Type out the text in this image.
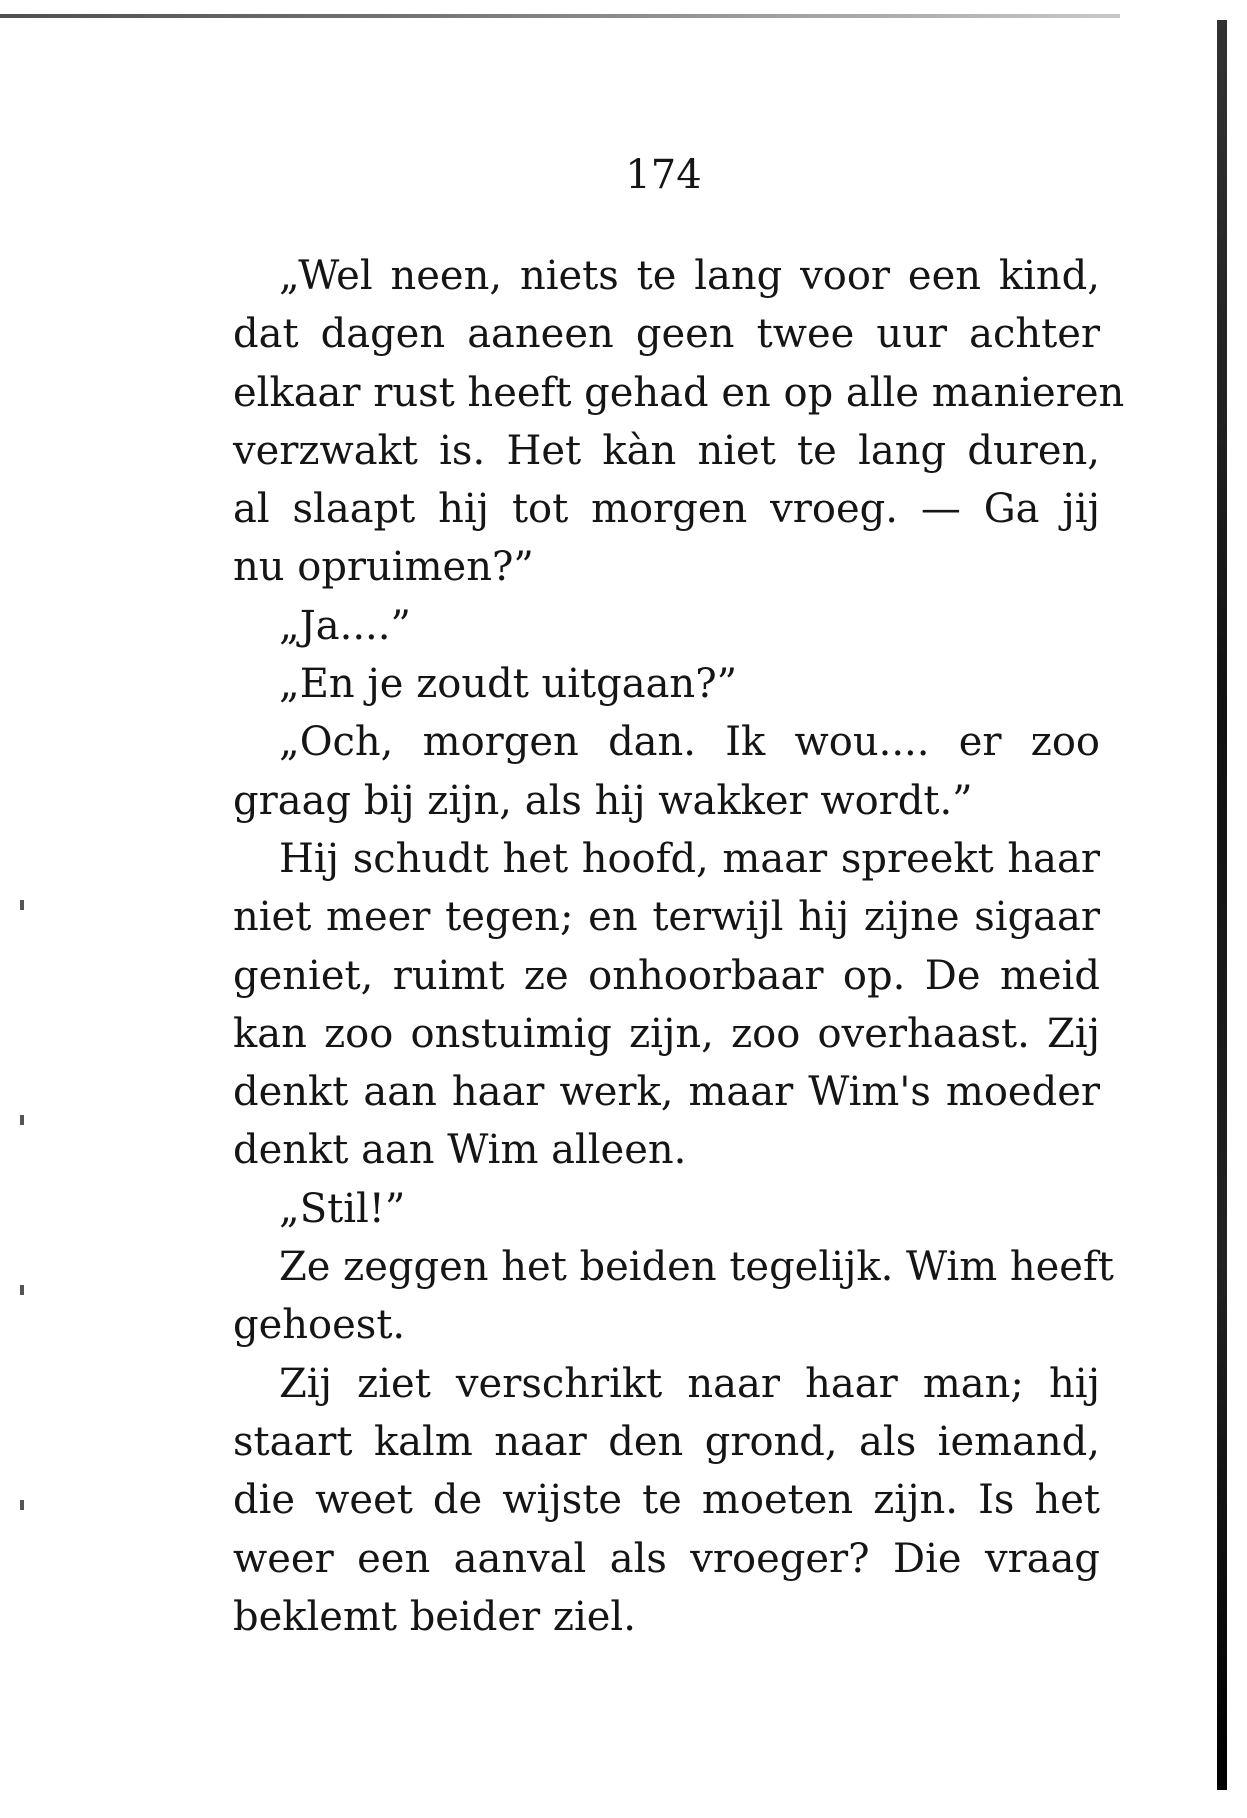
174
„Wel neen, niets te lang voor een kind,
dat dagen aaneen geen twee uur achter
elkaar rust heeft gehad en op alle manieren
verzwakt is. Het kàn niet te lang duren,
al slaapt hij tot morgen vroeg. — Ga jij
nu opruimen?”
„Ja....”
„En je zoudt uitgaan?”
„Och, morgen dan. Ik wou.... er zoo
graag bij zijn, als hij wakker wordt.”
Hij schudt het hoofd, maar spreekt haar
niet meer tegen; en terwijl hij zijne sigaar
geniet, ruimt ze onhoorbaar op. De meid
kan zoo onstuimig zijn, zoo overhaast. Zij
denkt aan haar werk, maar Wim's moeder
denkt aan Wim alleen.
„Stil!”
Ze zeggen het beiden tegelijk. Wim heeft
gehoest.
Zij ziet verschrikt naar haar man; hij
staart kalm naar den grond, als iemand,
die weet de wijste te moeten zijn. Is het
weer een aanval als vroeger? Die vraag
beklemt beider ziel.
